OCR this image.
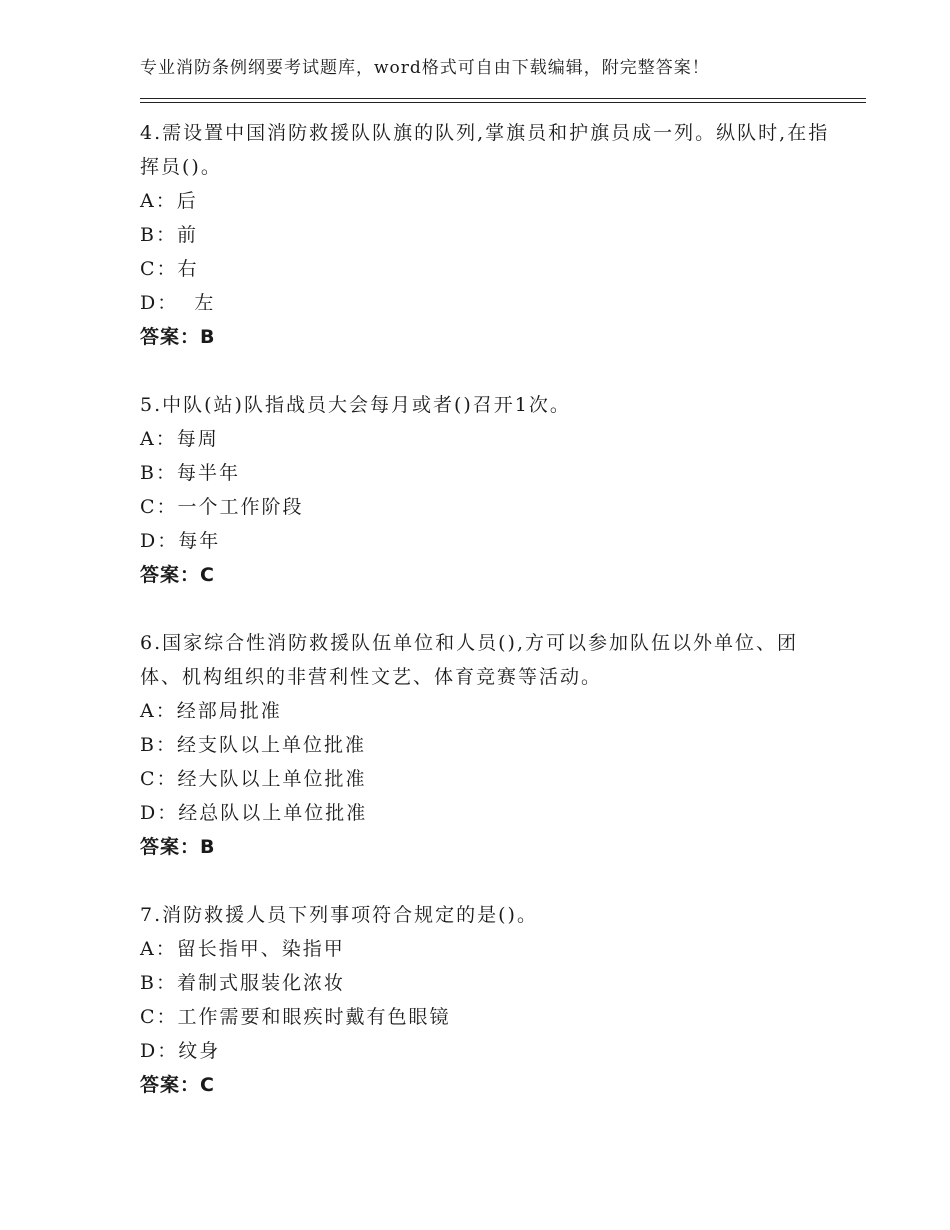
专业消防条例纲要考试题库，word格式可自由下载编辑，附完整答案！
4.需设置中国消防救援队队旗的队列,掌旗员和护旗员成一列。纵队时,在指挥员()。
A：后
B：前
C：右
D：  左
答案：B
5.中队(站)队指战员大会每月或者()召开1次。
A：每周
B：每半年
C：一个工作阶段
D：每年
答案：C
6.国家综合性消防救援队伍单位和人员(),方可以参加队伍以外单位、团体、机构组织的非营利性文艺、体育竞赛等活动。
A：经部局批准
B：经支队以上单位批准
C：经大队以上单位批准
D：经总队以上单位批准
答案：B
7.消防救援人员下列事项符合规定的是()。
A：留长指甲、染指甲
B：着制式服装化浓妆
C：工作需要和眼疾时戴有色眼镜
D：纹身
答案：C
